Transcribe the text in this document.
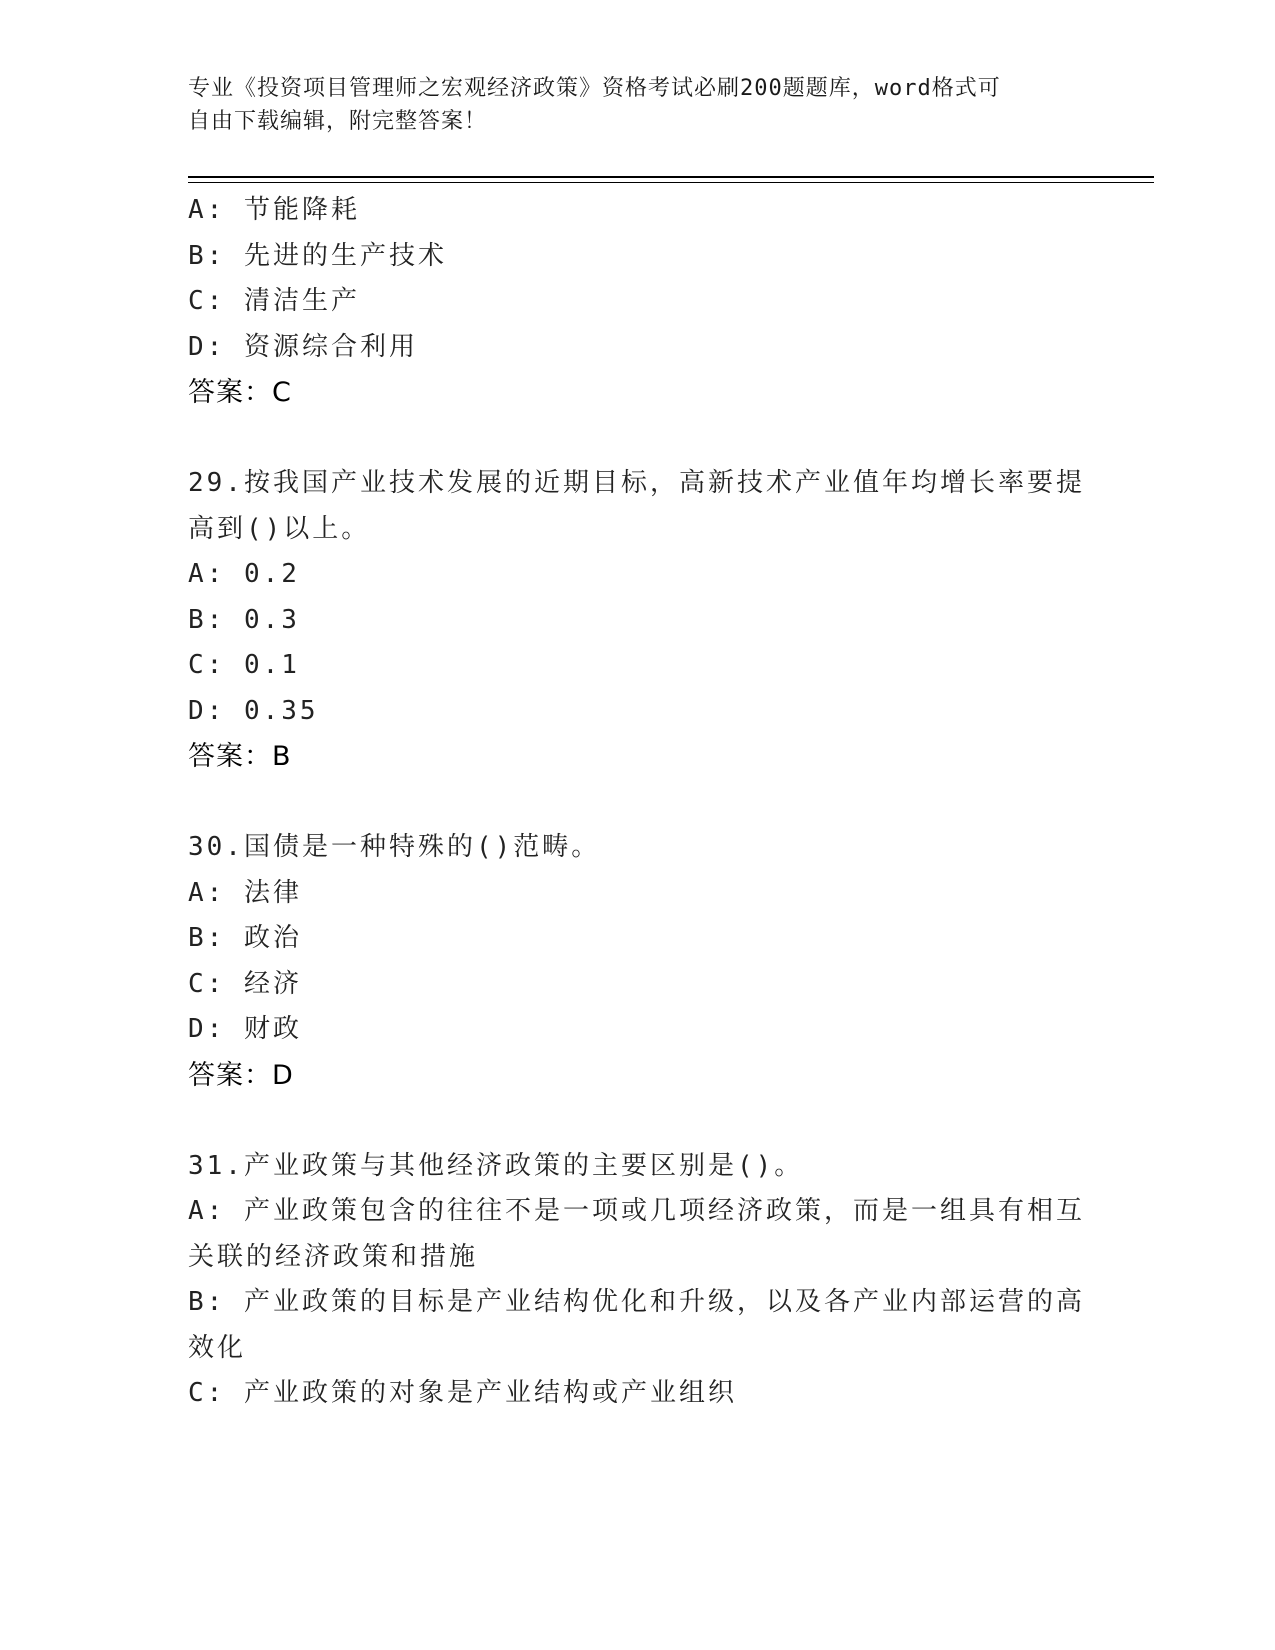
专业《投资项目管理师之宏观经济政策》资格考试必刷200题题库，word格式可
自由下载编辑，附完整答案！
A: 节能降耗
B: 先进的生产技术
C: 清洁生产
D: 资源综合利用
答案：C
29.按我国产业技术发展的近期目标，高新技术产业值年均增长率要提
高到()以上。
A: 0.2
B: 0.3
C: 0.1
D: 0.35
答案：B
30.国债是一种特殊的()范畴。
A: 法律
B: 政治
C: 经济
D: 财政
答案：D
31.产业政策与其他经济政策的主要区别是()。
A: 产业政策包含的往往不是一项或几项经济政策，而是一组具有相互
关联的经济政策和措施
B: 产业政策的目标是产业结构优化和升级，以及各产业内部运营的高
效化
C: 产业政策的对象是产业结构或产业组织
